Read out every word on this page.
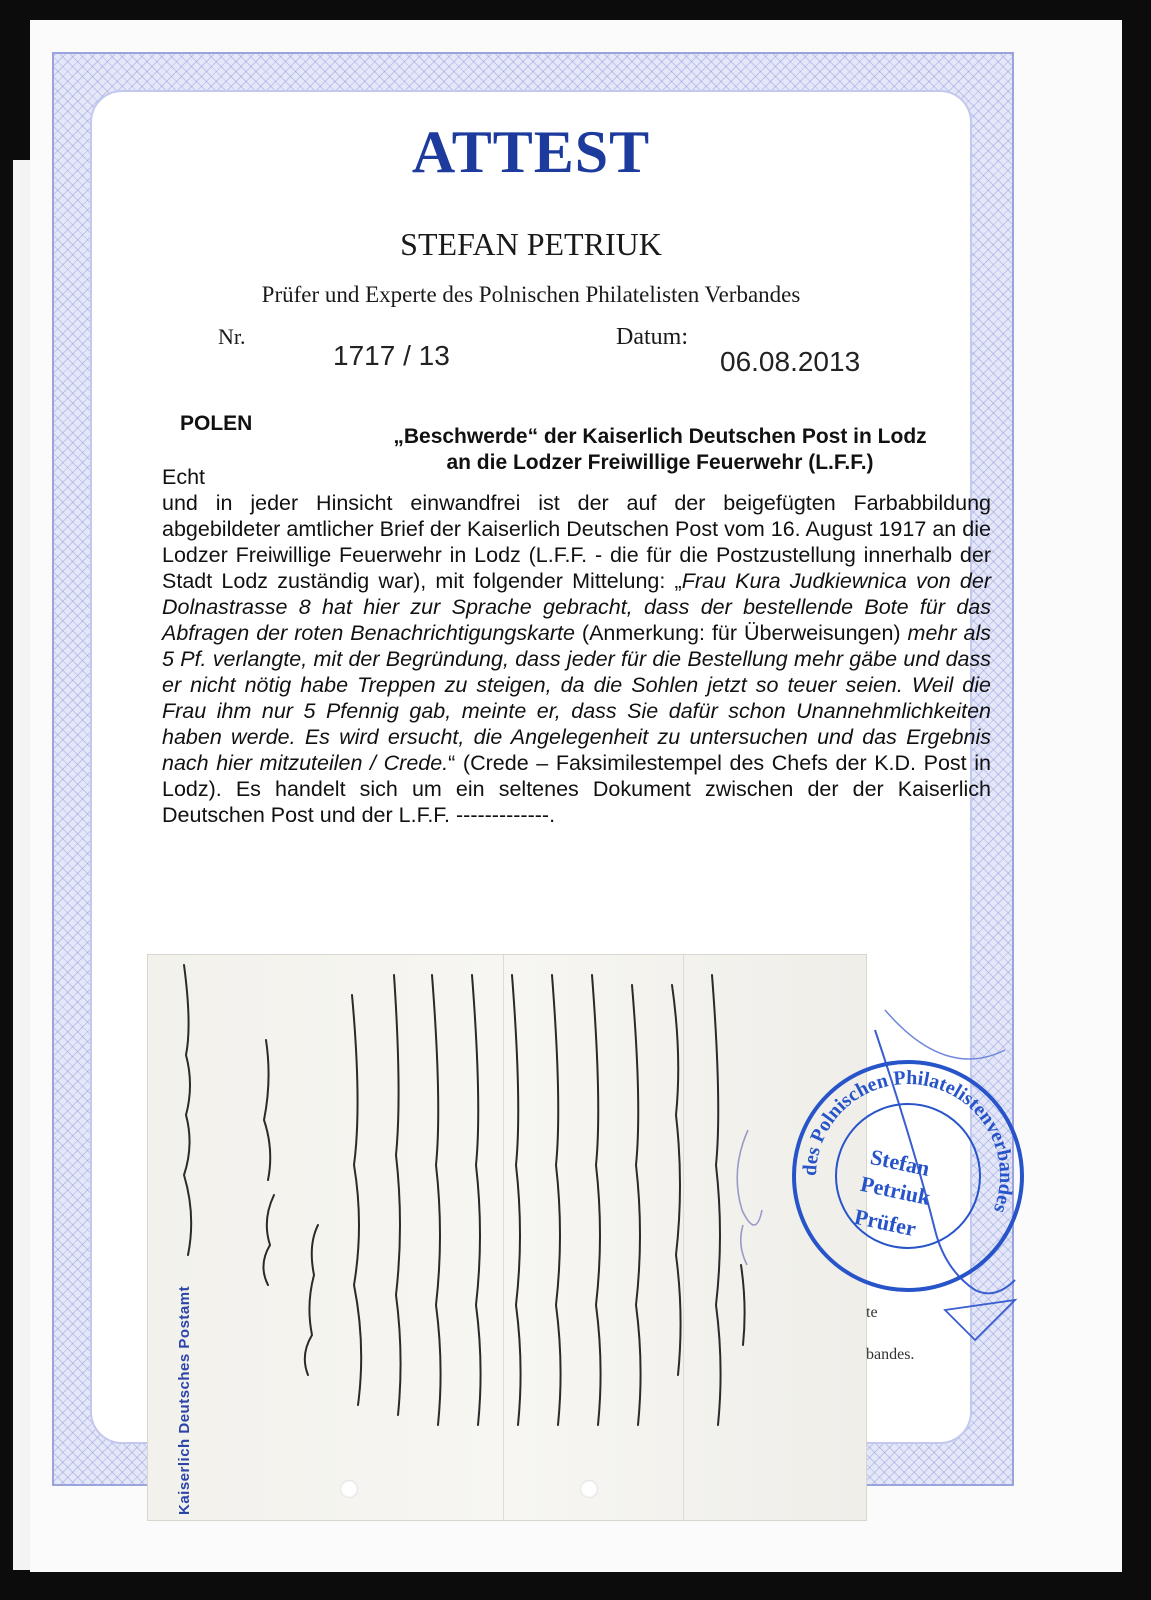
ATTEST
STEFAN PETRIUK
Prüfer und Experte des Polnischen Philatelisten Verbandes
Nr.
1717 / 13
Datum:
06.08.2013
POLEN
„Beschwerde“ der Kaiserlich Deutschen Post in Lodz
an die Lodzer Freiwillige Feuerwehr (L.F.F.)

Echt

und in jeder Hinsicht einwandfrei ist der auf der beigefügten Farbabbildung abgebildeter amtlicher Brief der Kaiserlich Deutschen Post vom 16. August 1917 an die Lodzer Freiwillige Feuerwehr in Lodz (L.F.F. - die für die Postzustellung innerhalb der Stadt Lodz zuständig war), mit folgender Mittelung: „Frau Kura Judkiewnica von der Dolnastrasse 8 hat hier zur Sprache gebracht, dass der bestellende Bote für das Abfragen der roten Benachrichtigungskarte (Anmerkung: für Überweisungen) mehr als 5 Pf. verlangte, mit der Begründung, dass jeder für die Bestellung mehr gäbe und dass er nicht nötig habe Treppen zu steigen, da die Sohlen jetzt so teuer seien. Weil die Frau ihm nur 5 Pfennig gab, meinte er, dass Sie dafür schon Unannehmlichkeiten haben werde. Es wird ersucht, die Angelegenheit zu untersuchen und das Ergebnis nach hier mitzuteilen / Crede.“ (Crede – Faksimilestempel des Chefs der K.D. Post in Lodz). Es handelt sich um ein seltenes Dokument zwischen der der Kaiserlich Deutschen Post und der L.F.F. -------------.

Kaiserlich Deutsches Postamt	te
bandes.
des Polnischen Philatelistenverbandes
Stefan
Petriuk
Prüfer
